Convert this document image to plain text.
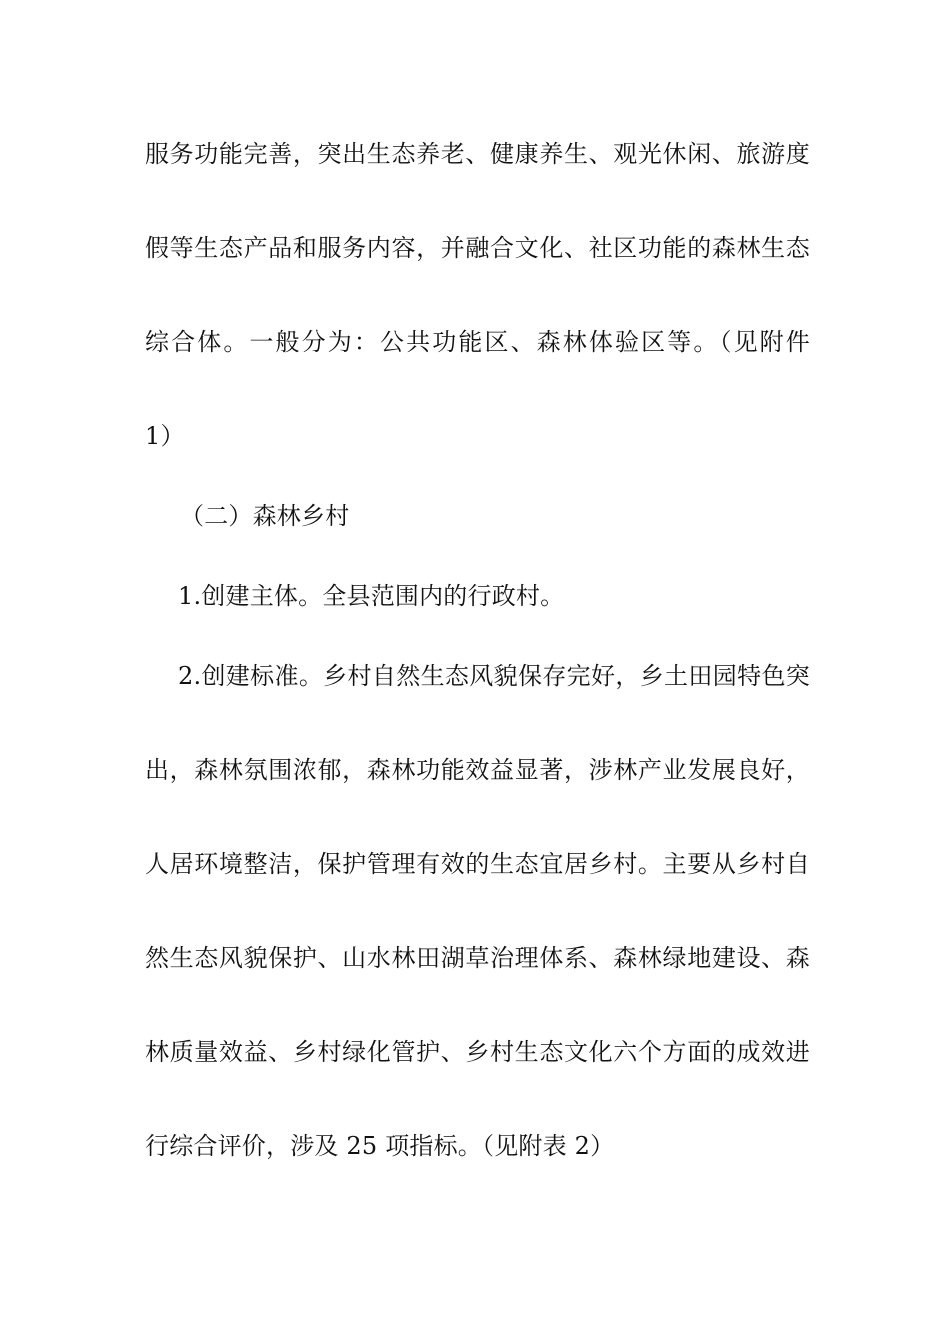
服务功能完善，突出生态养老、健康养生、观光休闲、旅游度
假等生态产品和服务内容，并融合文化、社区功能的森林生态
综合体。一般分为：公共功能区、森林体验区等。（见附件
1）
（二）森林乡村
1.创建主体。全县范围内的行政村。
2.创建标准。乡村自然生态风貌保存完好，乡土田园特色突
出，森林氛围浓郁，森林功能效益显著，涉林产业发展良好，
人居环境整洁，保护管理有效的生态宜居乡村。主要从乡村自
然生态风貌保护、山水林田湖草治理体系、森林绿地建设、森
林质量效益、乡村绿化管护、乡村生态文化六个方面的成效进
行综合评价，涉及 25 项指标。（见附表 2）
